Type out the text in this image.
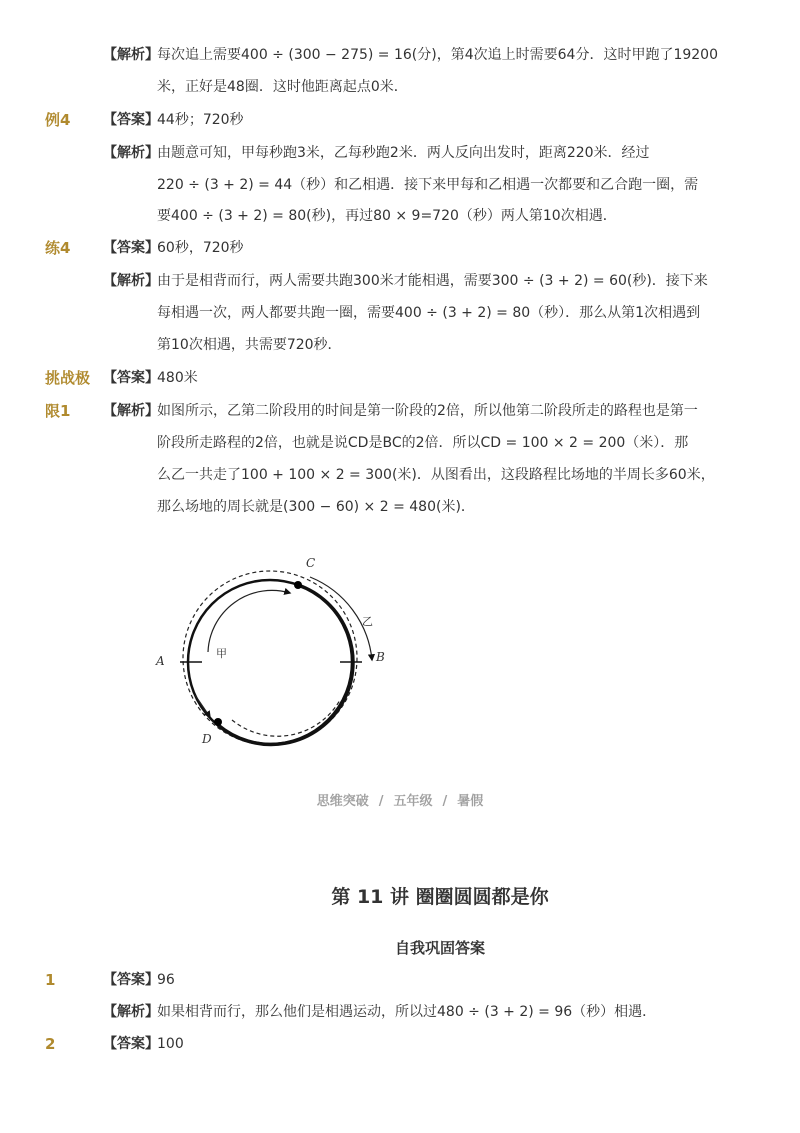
【解析】
每次追上需要400 ÷ (300 − 275) = 16(分)，第4次追上时需要64分．这时甲跑了19200
米，正好是48圈．这时他距离起点0米．
例4 【答案】
44秒；720秒
【解析】
由题意可知，甲每秒跑3米，乙每秒跑2米．两人反向出发时，距离220米．经过
220 ÷ (3 + 2) = 44（秒）和乙相遇．接下来甲每和乙相遇一次都要和乙合跑一圈，需
要400 ÷ (3 + 2) = 80(秒)，再过80 × 9=720（秒）两人第10次相遇．
练4 【答案】
60秒，720秒
【解析】
由于是相背而行，两人需要共跑300米才能相遇，需要300 ÷ (3 + 2) = 60(秒)．接下来
每相遇一次，两人都要共跑一圈，需要400 ÷ (3 + 2) = 80（秒）．那么从第1次相遇到
第10次相遇，共需要720秒．
挑战极 【答案】
480米
限1 【解析】
如图所示，乙第二阶段用的时间是第一阶段的2倍，所以他第二阶段所走的路程也是第一
阶段所走路程的2倍，也就是说CD是BC的2倍．所以CD = 100 × 2 = 200（米）．那
么乙一共走了100 + 100 × 2 = 300(米)．从图看出，这段路程比场地的半周长多60米，
那么场地的周长就是(300 − 60) × 2 = 480(米)．
A	B
C
D
甲
乙
思维突破 / 五年级 / 暑假
第 11 讲 圈圈圆圆都是你
自我巩固答案
1	【答案】
96
【解析】
如果相背而行，那么他们是相遇运动，所以过480 ÷ (3 + 2) = 96（秒）相遇．
2	【答案】
100
